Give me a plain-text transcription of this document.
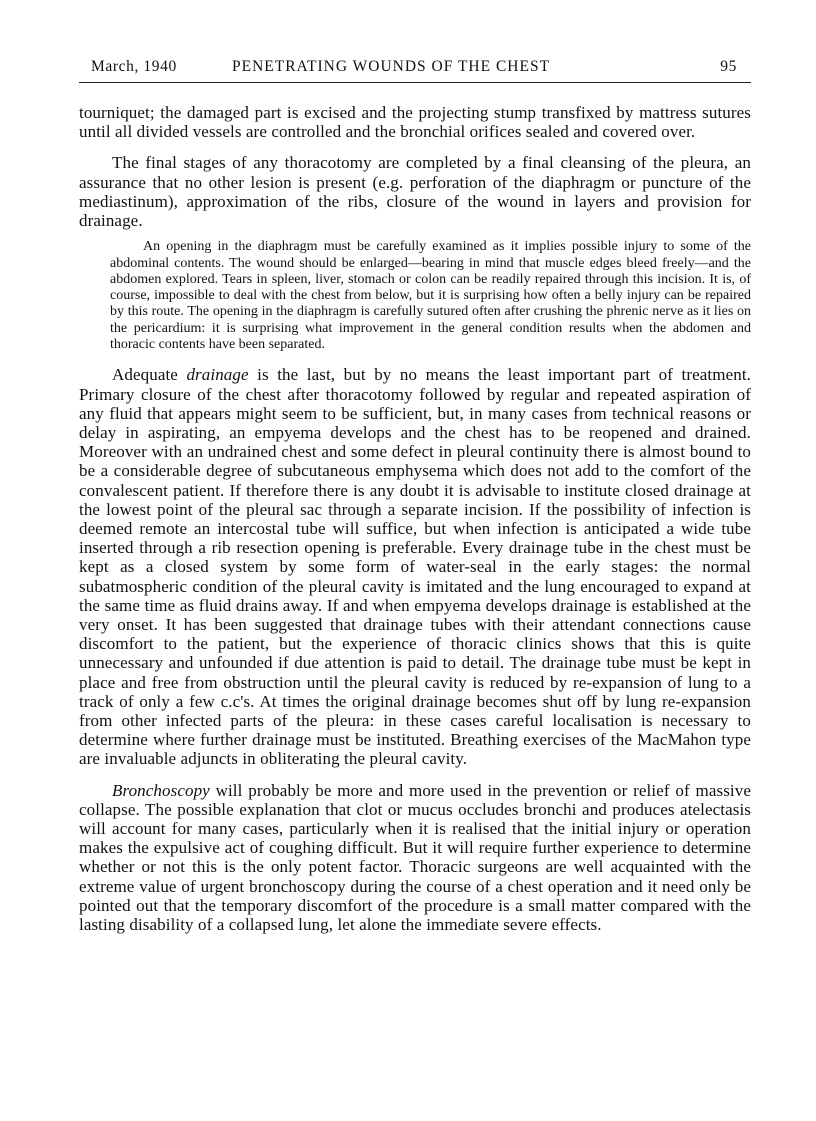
March, 1940	PENETRATING WOUNDS OF THE CHEST	95

tourniquet; the damaged part is excised and the projecting stump transfixed by mattress sutures until all divided vessels are controlled and the bronchial orifices sealed and covered over.

The final stages of any thoracotomy are completed by a final cleansing of the pleura, an assurance that no other lesion is present (e.g. perforation of the diaphragm or puncture of the mediastinum), approximation of the ribs, closure of the wound in layers and provision for drainage.

An opening in the diaphragm must be carefully examined as it implies possible injury to some of the abdominal contents. The wound should be enlarged—bearing in mind that muscle edges bleed freely—and the abdomen explored. Tears in spleen, liver, stomach or colon can be readily repaired through this incision. It is, of course, impossible to deal with the chest from below, but it is surprising how often a belly injury can be repaired by this route. The opening in the diaphragm is carefully sutured often after crushing the phrenic nerve as it lies on the pericardium: it is surprising what improvement in the general condition results when the abdomen and thoracic contents have been separated.

Adequate drainage is the last, but by no means the least important part of treatment. Primary closure of the chest after thoracotomy followed by regular and repeated aspiration of any fluid that appears might seem to be sufficient, but, in many cases from technical reasons or delay in aspirating, an empyema develops and the chest has to be reopened and drained. Moreover with an undrained chest and some defect in pleural continuity there is almost bound to be a considerable degree of subcutaneous emphysema which does not add to the comfort of the convalescent patient. If therefore there is any doubt it is advisable to institute closed drainage at the lowest point of the pleural sac through a separate incision. If the possibility of infection is deemed remote an intercostal tube will suffice, but when infection is anticipated a wide tube inserted through a rib resection opening is preferable. Every drainage tube in the chest must be kept as a closed system by some form of water-seal in the early stages: the normal subatmospheric condition of the pleural cavity is imitated and the lung encouraged to expand at the same time as fluid drains away. If and when empyema develops drainage is established at the very onset. It has been suggested that drainage tubes with their attendant connections cause discomfort to the patient, but the experience of thoracic clinics shows that this is quite unnecessary and unfounded if due attention is paid to detail. The drainage tube must be kept in place and free from obstruction until the pleural cavity is reduced by re-expansion of lung to a track of only a few c.c's. At times the original drainage becomes shut off by lung re-expansion from other infected parts of the pleura: in these cases careful localisation is necessary to determine where further drainage must be instituted. Breathing exercises of the MacMahon type are invaluable adjuncts in obliterating the pleural cavity.

Bronchoscopy will probably be more and more used in the prevention or relief of massive collapse. The possible explanation that clot or mucus occludes bronchi and produces atelectasis will account for many cases, particularly when it is realised that the initial injury or operation makes the expulsive act of coughing difficult. But it will require further experience to determine whether or not this is the only potent factor. Thoracic surgeons are well acquainted with the extreme value of urgent bronchoscopy during the course of a chest operation and it need only be pointed out that the temporary discomfort of the procedure is a small matter compared with the lasting disability of a collapsed lung, let alone the immediate severe effects.
